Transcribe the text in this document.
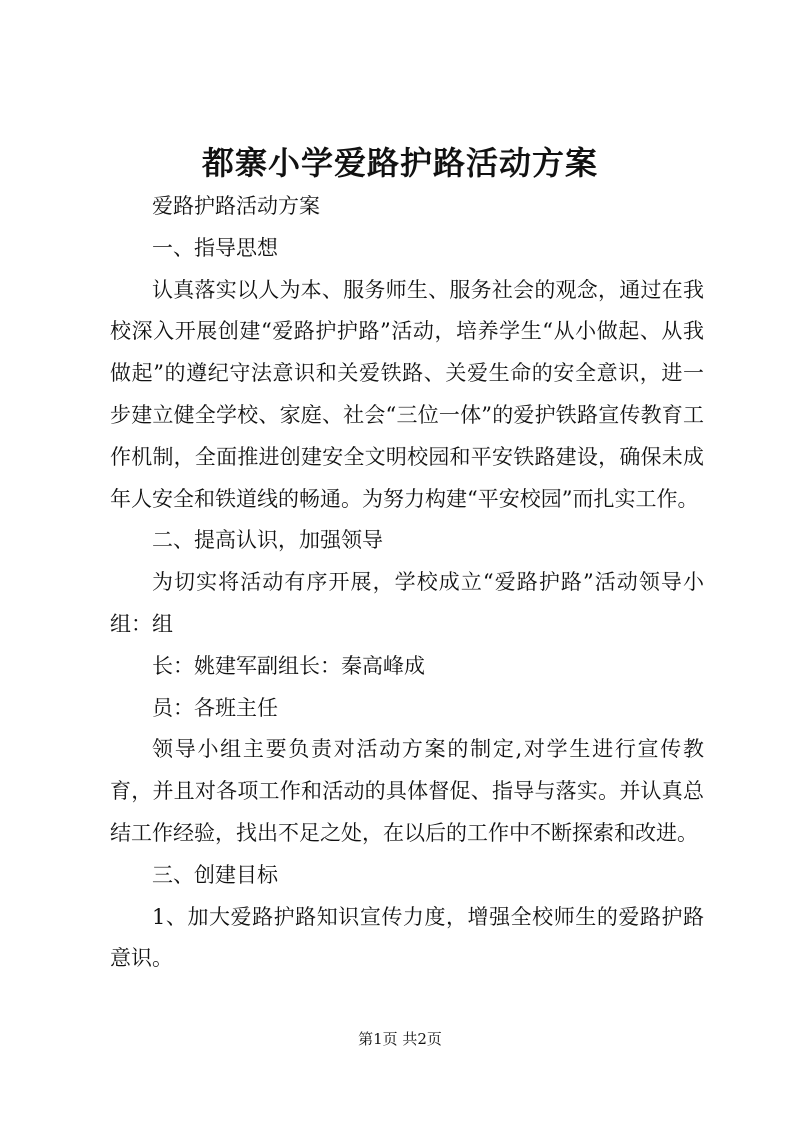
都寨小学爱路护路活动方案

爱路护路活动方案

一、指导思想

认真落实以人为本、服务师生、服务社会的观念，通过在我校深入开展创建“爱路护护路”活动，培养学生“从小做起、从我做起”的遵纪守法意识和关爱铁路、关爱生命的安全意识，进一步建立健全学校、家庭、社会“三位一体”的爱护铁路宣传教育工作机制，全面推进创建安全文明校园和平安铁路建设，确保未成年人安全和铁道线的畅通。为努力构建“平安校园”而扎实工作。

二、提高认识，加强领导

为切实将活动有序开展，学校成立“爱路护路”活动领导小组：组

长：姚建军副组长：秦高峰成

员：各班主任

领导小组主要负责对活动方案的制定,对学生进行宣传教育，并且对各项工作和活动的具体督促、指导与落实。并认真总结工作经验，找出不足之处，在以后的工作中不断探索和改进。

三、创建目标

1、加大爱路护路知识宣传力度，增强全校师生的爱路护路意识。

第1页 共2页
